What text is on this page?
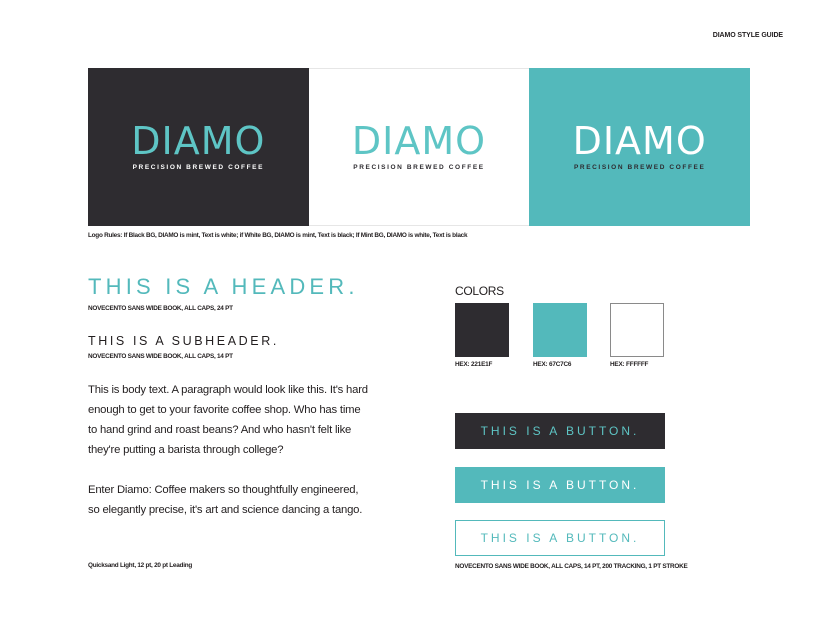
DIAMO STYLE GUIDE
DIAMO
PRECISION BREWED COFFEE
DIAMO
PRECISION BREWED COFFEE
DIAMO
PRECISION BREWED COFFEE
Logo Rules: If Black BG, DIAMO is mint, Text is white; if White BG, DIAMO is mint, Text is black; If Mint BG, DIAMO is white, Text is black
THIS IS A HEADER.
NOVECENTO SANS WIDE BOOK, ALL CAPS, 24 PT
THIS IS A SUBHEADER.
NOVECENTO SANS WIDE BOOK, ALL CAPS, 14 PT

This is body text. A paragraph would look like this. It's hard enough to get to your favorite coffee shop. Who has time to hand grind and roast beans? And who hasn't felt like they're putting a barista through college?

Enter Diamo: Coffee makers so thoughtfully engineered, so elegantly precise, it's art and science dancing a tango.

Quicksand Light, 12 pt, 20 pt Leading
COLORS
HEX: 221E1F	HEX: 67C7C6	HEX: FFFFFF
THIS IS A BUTTON.
THIS IS A BUTTON.
THIS IS A BUTTON.
NOVECENTO SANS WIDE BOOK, ALL CAPS, 14 PT, 200 TRACKING, 1 PT STROKE
